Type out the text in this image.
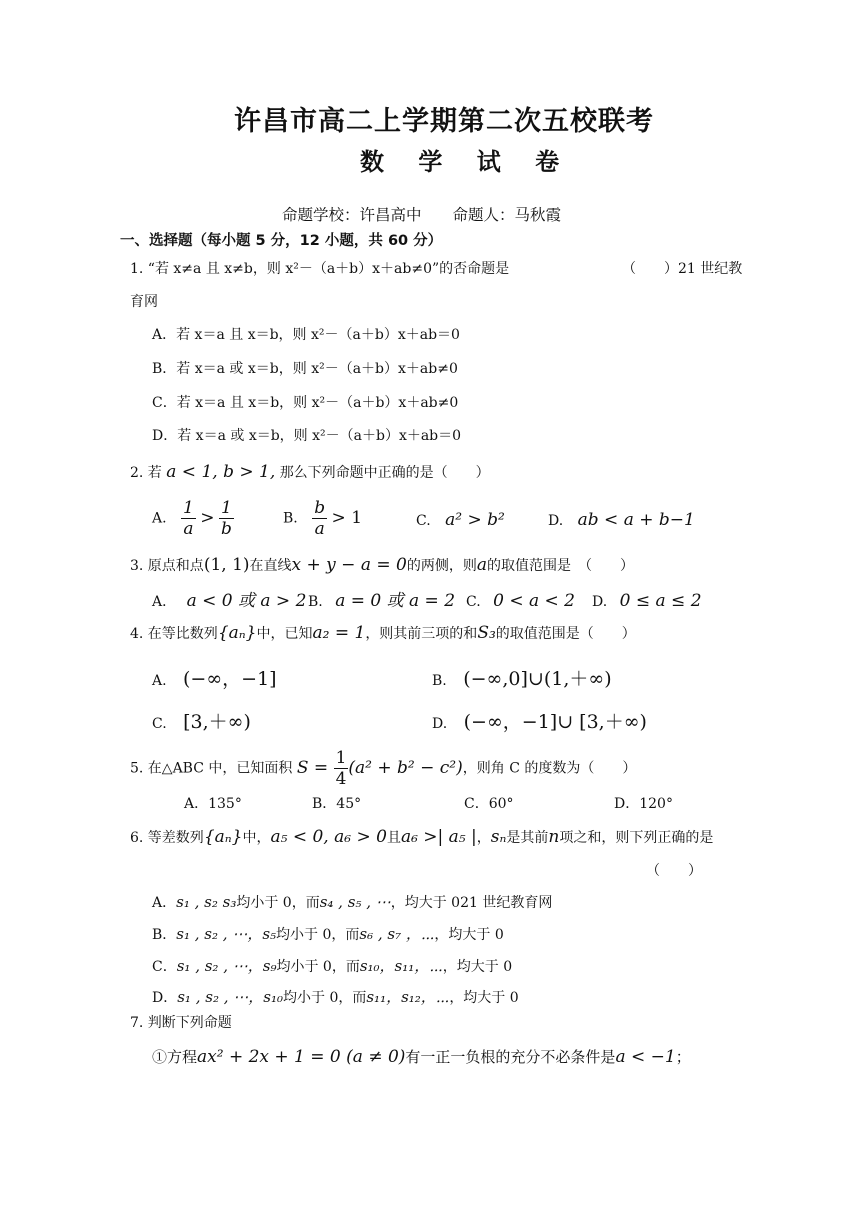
许昌市高二上学期第二次五校联考
数 学 试 卷
命题学校：许昌高中　　命题人：马秋霞
一、选择题（每小题 5 分，12 小题，共 60 分）
1. “若 x≠a 且 x≠b，则 x²－（a＋b）x＋ab≠0”的否命题是	（　　）21 世纪教
育网
A．若 x＝a 且 x＝b，则 x²－（a＋b）x＋ab＝0
B．若 x＝a 或 x＝b，则 x²－（a＋b）x＋ab≠0
C．若 x＝a 且 x＝b，则 x²－（a＋b）x＋ab≠0
D．若 x＝a 或 x＝b，则 x²－（a＋b）x＋ab＝0
2. 若 a < 1, b > 1, 那么下列命题中正确的是（　　）
A. $\frac{1}{a} > \frac{1}{b}$	B. $\frac{b}{a} > 1$	C. a² > b²	D. ab < a + b−1
3. 原点和点(1, 1)在直线x + y − a = 0的两侧，则a的取值范围是　（　　）
A． a < 0 或 a > 2 B. a = 0 或 a = 2 C. 0 < a < 2 D. 0 ≤ a ≤ 2
4. 在等比数列{aₙ}中，已知a₂ = 1，则其前三项的和S₃的取值范围是（　　）
A. (−∞，−1]	B. (−∞,0]∪(1,＋∞)
C. [3,＋∞)	D. (−∞，−1]∪ [3,＋∞)
5. 在△ABC 中，已知面积 $S = \frac{1}{4} (a^2 + b^2 - c^2)$，则角 C 的度数为（　　）
A．135°	B．45°	C．60°	D．120°
6. 等差数列{aₙ}中，a₅ < 0, a₆ > 0且a₆ >| a₅ |，sₙ是其前n项之和，则下列正确的是
（　　）
A．s₁ , s₂ s₃均小于 0，而s₄ , s₅ , ⋯，均大于 021 世纪教育网
B．s₁ , s₂ , ⋯，s₅均小于 0，而s₆ , s₇ ，⋯，均大于 0
C．s₁ , s₂ , ⋯，s₉均小于 0，而s₁₀，s₁₁，⋯，均大于 0
D．s₁ , s₂ , ⋯，s₁₀均小于 0，而s₁₁，s₁₂，⋯，均大于 0
7. 判断下列命题
①方程ax² + 2x + 1 = 0 (a ≠ 0)有一正一负根的充分不必条件是a < −1；
